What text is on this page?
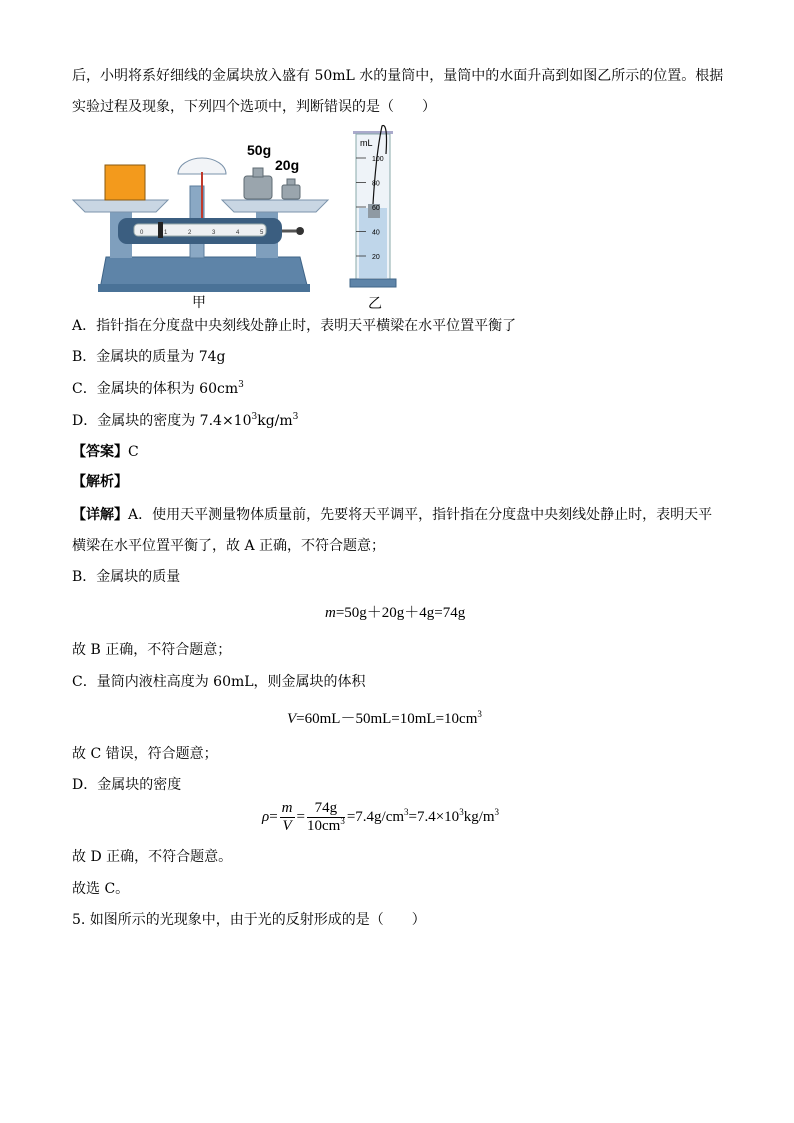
后，小明将系好细线的金属块放入盛有 50mL 水的量筒中，量筒中的水面升高到如图乙所示的位置。根据
实验过程及现象，下列四个选项中，判断错误的是（　　）
50g
20g
0	1	2	3	4	5
mL
100
80
60
40
20
甲	乙
A．指针指在分度盘中央刻线处静止时，表明天平横梁在水平位置平衡了
B．金属块的质量为 74g
C．金属块的体积为 $60cm^3$
D．金属块的密度为 $7.4\times 10^3kg/m^3$
【答案】C
【解析】
【详解】A．使用天平测量物体质量前，先要将天平调平，指针指在分度盘中央刻线处静止时，表明天平
横梁在水平位置平衡了，故 A 正确，不符合题意；
B．金属块的质量
m=50g＋20g＋4g=74g
故 B 正确，不符合题意；
C．量筒内液柱高度为 60mL，则金属块的体积
$V=60mL-50mL=10mL=10cm^3$
故 C 错误，符合题意；
D．金属块的密度
$\rho= \frac{m}{V} = \frac{74g}{10cm^3} =7.4g/cm^3=7.4\times 10^3kg/m^3$
故 D 正确，不符合题意。
故选 C。
5. 如图所示的光现象中，由于光的反射形成的是（　　）
